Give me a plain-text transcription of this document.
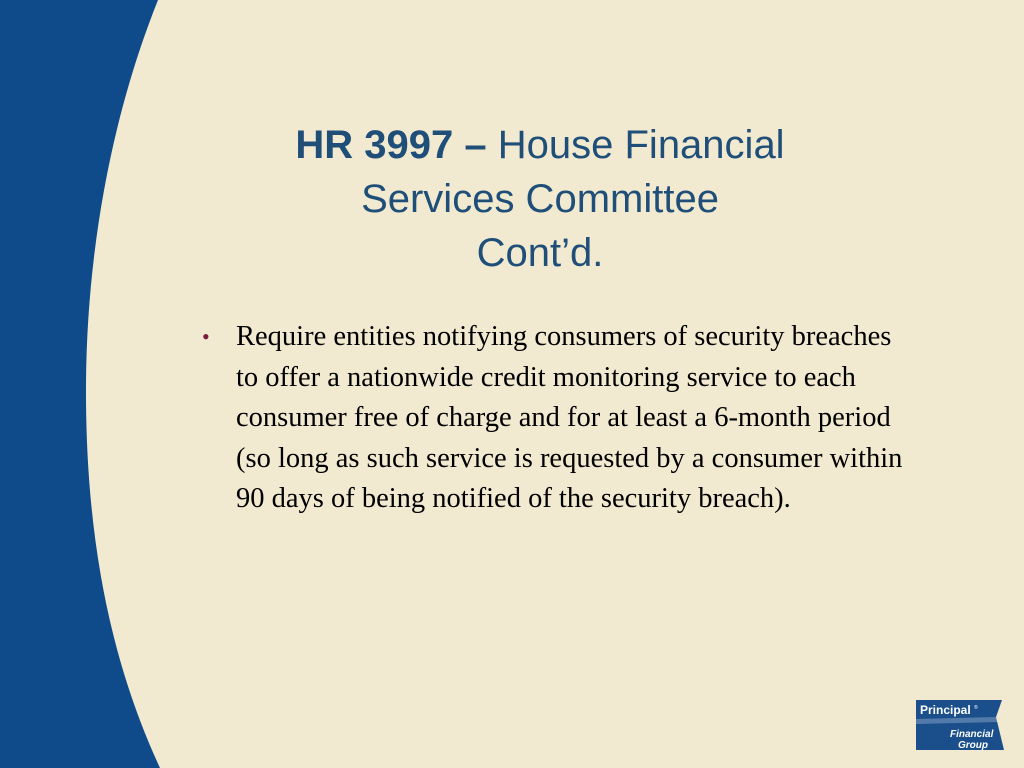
HR 3997 – House Financial
Services Committee
Cont’d.
• Require entities notifying consumers of security breaches to offer a nationwide credit monitoring service to each consumer free of charge and for at least a 6-month period (so long as such service is requested by a consumer within 90 days of being notified of the security breach).
Principal ®
Financial
Group
